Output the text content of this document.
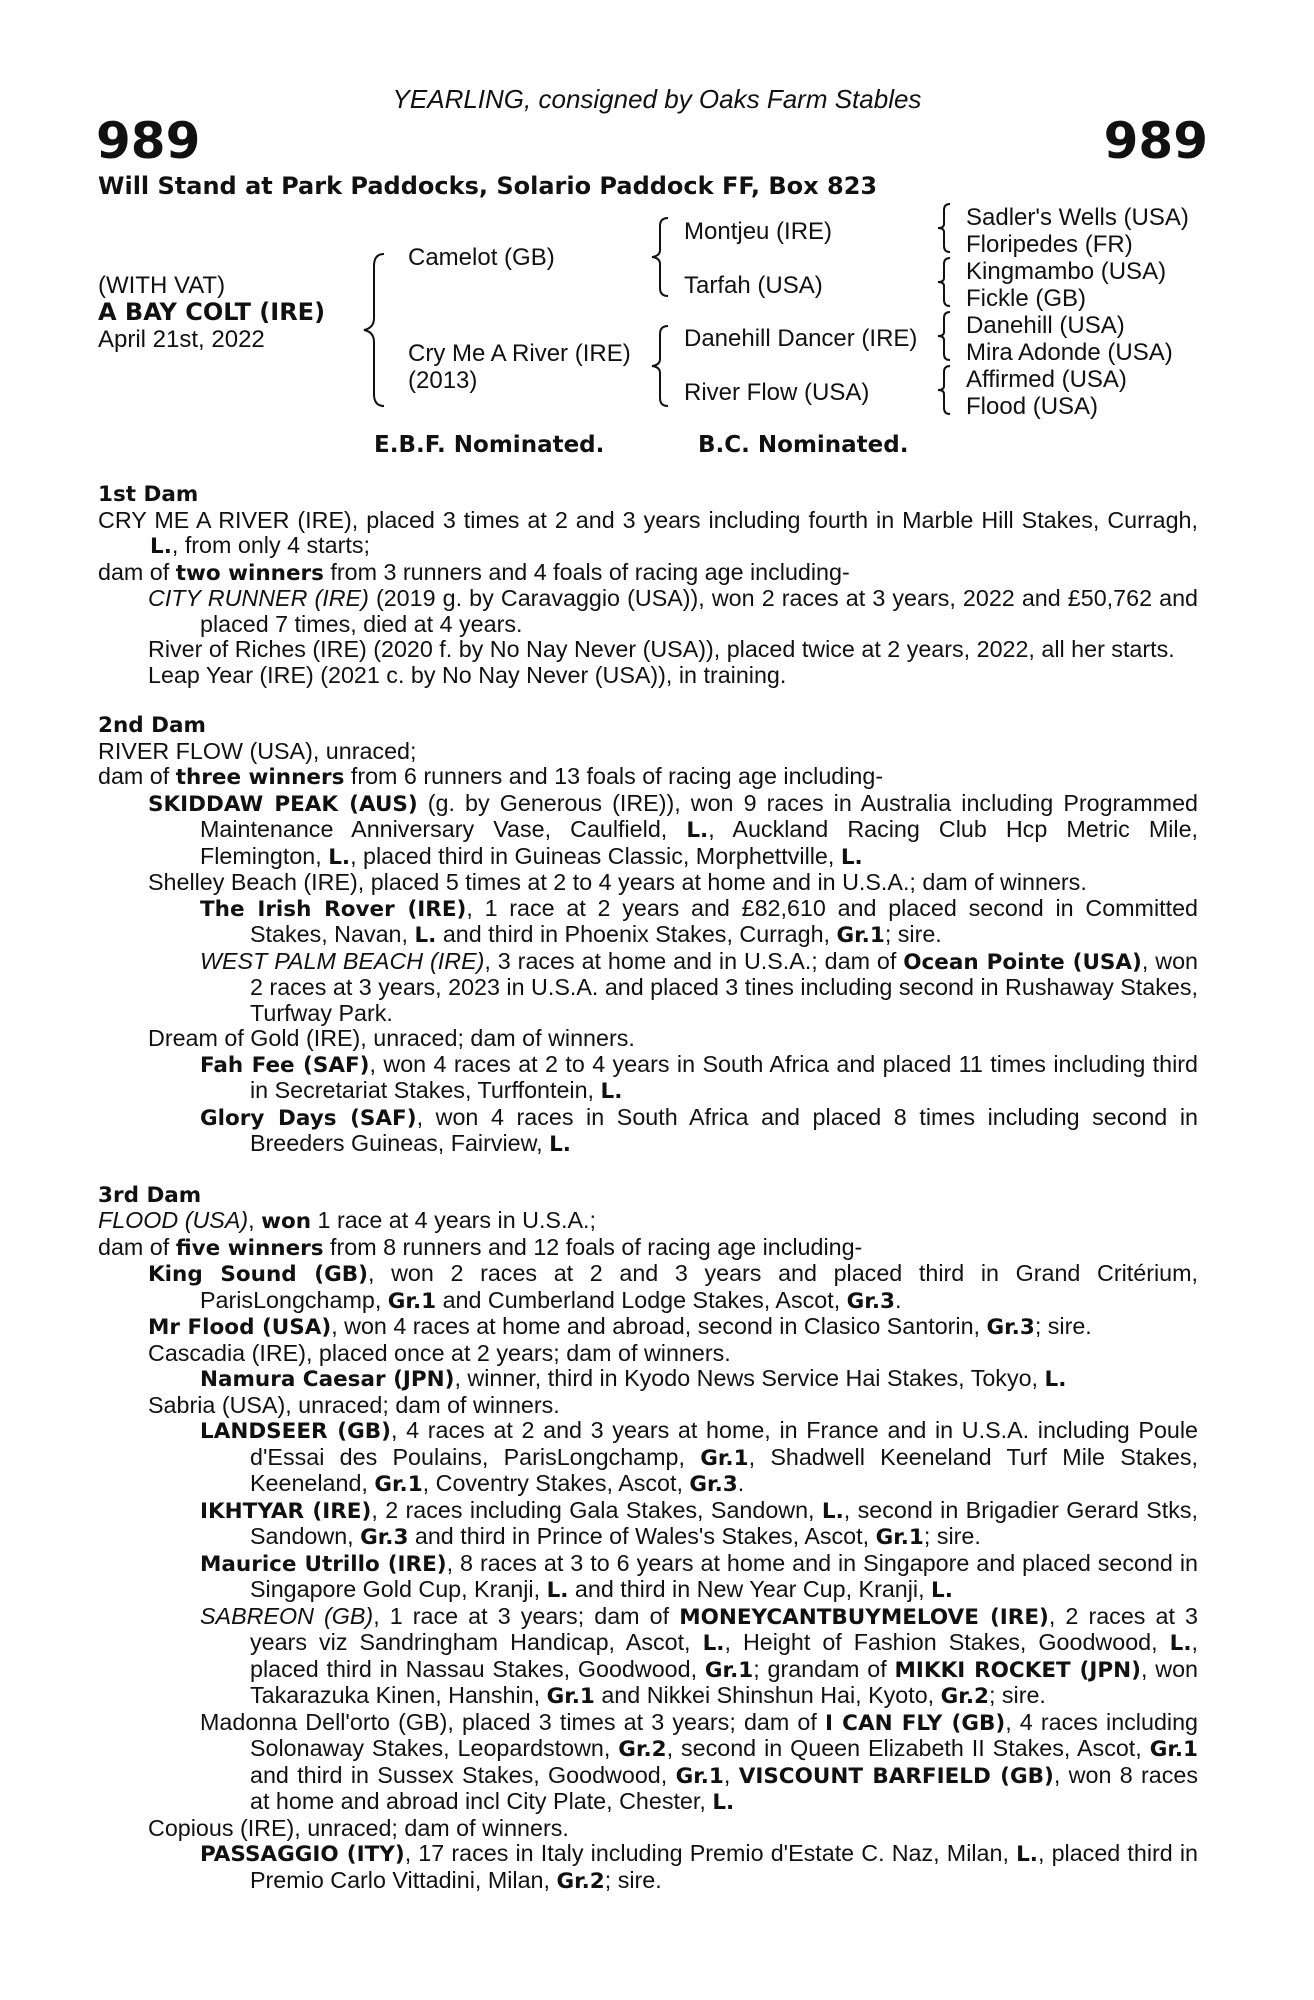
YEARLING, consigned by Oaks Farm Stables
989	989
Will Stand at Park Paddocks, Solario Paddock FF, Box 823
(WITH VAT)
A BAY COLT (IRE)
April 21st, 2022
Camelot (GB)
Cry Me A River (IRE)
(2013)
Montjeu (IRE)
Tarfah (USA)
Danehill Dancer (IRE)
River Flow (USA)
Sadler's Wells (USA)
Floripedes (FR)
Kingmambo (USA)
Fickle (GB)
Danehill (USA)
Mira Adonde (USA)
Affirmed (USA)
Flood (USA)
E.B.F. Nominated.	B.C. Nominated.

1st Dam

CRY ME A RIVER (IRE), placed 3 times at 2 and 3 years including fourth in Marble Hill Stakes, Curragh, L., from only 4 starts;

dam of two winners from 3 runners and 4 foals of racing age including-

CITY RUNNER (IRE) (2019 g. by Caravaggio (USA)), won 2 races at 3 years, 2022 and £50,762 and placed 7 times, died at 4 years.

River of Riches (IRE) (2020 f. by No Nay Never (USA)), placed twice at 2 years, 2022, all her starts.

Leap Year (IRE) (2021 c. by No Nay Never (USA)), in training.

2nd Dam

RIVER FLOW (USA), unraced;

dam of three winners from 6 runners and 13 foals of racing age including-

SKIDDAW PEAK (AUS) (g. by Generous (IRE)), won 9 races in Australia including Programmed Maintenance Anniversary Vase, Caulfield, L., Auckland Racing Club Hcp Metric Mile, Flemington, L., placed third in Guineas Classic, Morphettville, L.

Shelley Beach (IRE), placed 5 times at 2 to 4 years at home and in U.S.A.; dam of winners.

The Irish Rover (IRE), 1 race at 2 years and £82,610 and placed second in Committed Stakes, Navan, L. and third in Phoenix Stakes, Curragh, Gr.1; sire.

WEST PALM BEACH (IRE), 3 races at home and in U.S.A.; dam of Ocean Pointe (USA), won 2 races at 3 years, 2023 in U.S.A. and placed 3 tines including second in Rushaway Stakes, Turfway Park.

Dream of Gold (IRE), unraced; dam of winners.

Fah Fee (SAF), won 4 races at 2 to 4 years in South Africa and placed 11 times including third in Secretariat Stakes, Turffontein, L.

Glory Days (SAF), won 4 races in South Africa and placed 8 times including second in Breeders Guineas, Fairview, L.

3rd Dam

FLOOD (USA), won 1 race at 4 years in U.S.A.;

dam of five winners from 8 runners and 12 foals of racing age including-

King Sound (GB), won 2 races at 2 and 3 years and placed third in Grand Critérium, ParisLongchamp, Gr.1 and Cumberland Lodge Stakes, Ascot, Gr.3.

Mr Flood (USA), won 4 races at home and abroad, second in Clasico Santorin, Gr.3; sire.

Cascadia (IRE), placed once at 2 years; dam of winners.

Namura Caesar (JPN), winner, third in Kyodo News Service Hai Stakes, Tokyo, L.

Sabria (USA), unraced; dam of winners.

LANDSEER (GB), 4 races at 2 and 3 years at home, in France and in U.S.A. including Poule d'Essai des Poulains, ParisLongchamp, Gr.1, Shadwell Keeneland Turf Mile Stakes, Keeneland, Gr.1, Coventry Stakes, Ascot, Gr.3.

IKHTYAR (IRE), 2 races including Gala Stakes, Sandown, L., second in Brigadier Gerard Stks, Sandown, Gr.3 and third in Prince of Wales's Stakes, Ascot, Gr.1; sire.

Maurice Utrillo (IRE), 8 races at 3 to 6 years at home and in Singapore and placed second in Singapore Gold Cup, Kranji, L. and third in New Year Cup, Kranji, L.

SABREON (GB), 1 race at 3 years; dam of MONEYCANTBUYMELOVE (IRE), 2 races at 3 years viz Sandringham Handicap, Ascot, L., Height of Fashion Stakes, Goodwood, L., placed third in Nassau Stakes, Goodwood, Gr.1; grandam of MIKKI ROCKET (JPN), won Takarazuka Kinen, Hanshin, Gr.1 and Nikkei Shinshun Hai, Kyoto, Gr.2; sire.

Madonna Dell'orto (GB), placed 3 times at 3 years; dam of I CAN FLY (GB), 4 races including Solonaway Stakes, Leopardstown, Gr.2, second in Queen Elizabeth II Stakes, Ascot, Gr.1 and third in Sussex Stakes, Goodwood, Gr.1, VISCOUNT BARFIELD (GB), won 8 races at home and abroad incl City Plate, Chester, L.

Copious (IRE), unraced; dam of winners.

PASSAGGIO (ITY), 17 races in Italy including Premio d'Estate C. Naz, Milan, L., placed third in Premio Carlo Vittadini, Milan, Gr.2; sire.
